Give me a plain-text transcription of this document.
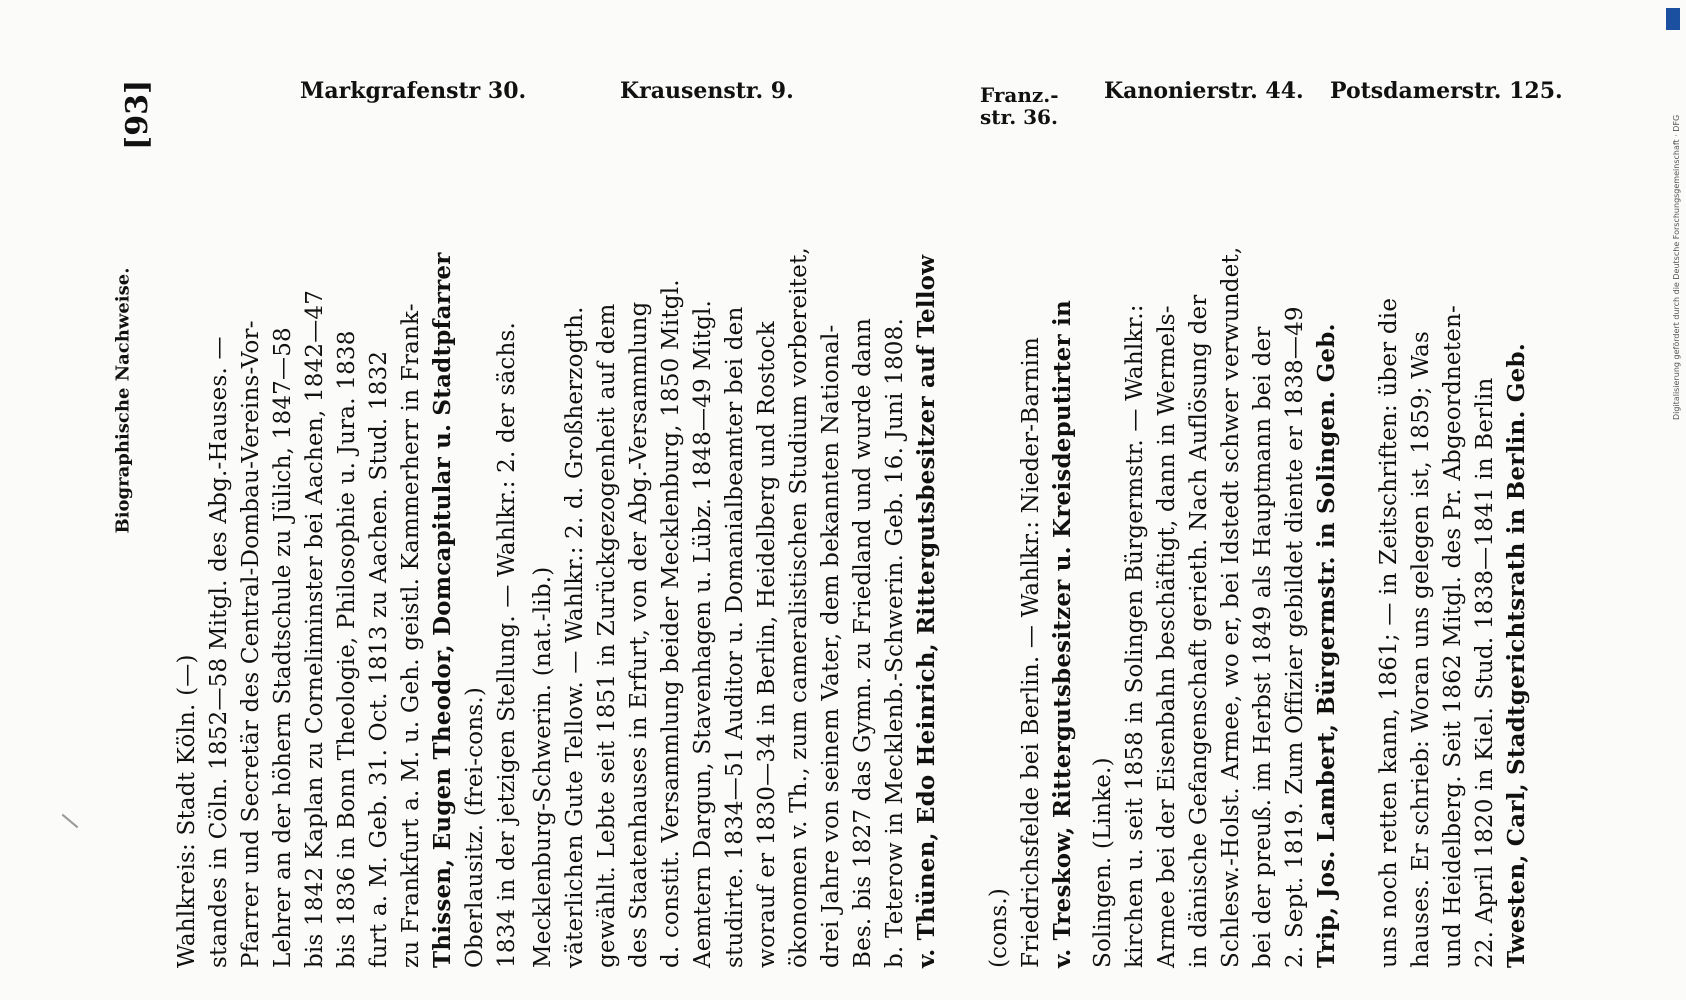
[93]
Biographische Nachweise.	Digitalisierung gefördert durch die Deutsche Forschungsgemeinschaft · DFG
Markgrafenstr 30.	Krausenstr. 9.	Franz.-
str. 36.

Kanonierstr. 44. Potsdamerstr. 125.
1834 in der jetzigen Stellung. — Wahlkr.: 2. der sächs.
Oberlausitz. (frei-cons.)
Thissen, Eugen Theodor, Domcapitular u. Stadtpfarrer
zu Frankfurt a. M. u. Geh. geistl. Kammerherr in Frank-
furt a. M. Geb. 31. Oct. 1813 zu Aachen. Stud. 1832
bis 1836 in Bonn Theologie, Philosophie u. Jura. 1838
bis 1842 Kaplan zu Corneliminster bei Aachen, 1842—47
Lehrer an der höhern Stadtschule zu Jülich, 1847—58
Pfarrer und Secretär des Central-Dombau-Vereins-Vor-
standes in Cöln. 1852—58 Mitgl. des Abg.-Hauses. —
Wahlkreis: Stadt Köln. (—)	v. Thünen, Edo Heinrich, Rittergutsbesitzer auf Tellow
b. Teterow in Mecklenb.-Schwerin. Geb. 16. Juni 1808.
Bes. bis 1827 das Gymn. zu Friedland und wurde dann
drei Jahre von seinem Vater, dem bekannten National-
ökonomen v. Th., zum cameralistischen Studium vorbereitet,
worauf er 1830—34 in Berlin, Heidelberg und Rostock
studirte. 1834—51 Auditor u. Domanialbeamter bei den
Aemtern Dargun, Stavenhagen u. Lübz. 1848—49 Mitgl.
d. constit. Versammlung beider Mecklenburg, 1850 Mitgl.
des Staatenhauses in Erfurt, von der Abg.-Versammlung
gewählt. Lebte seit 1851 in Zurückgezogenheit auf dem
väterlichen Gute Tellow. — Wahlkr.: 2. d. Großherzogth.
Mecklenburg-Schwerin. (nat.-lib.)	v. Treskow, Rittergutsbesitzer u. Kreisdeputirter in
Friedrichsfelde bei Berlin. — Wahlkr.: Nieder-Barnim
(cons.)	Trip, Jos. Lambert, Bürgermstr. in Solingen. Geb.
2. Sept. 1819. Zum Offizier gebildet diente er 1838—49
bei der preuß. im Herbst 1849 als Hauptmann bei der
Schlesw.-Holst. Armee, wo er, bei Idstedt schwer verwundet,
in dänische Gefangenschaft gerieth. Nach Auflösung der
Armee bei der Eisenbahn beschäftigt, dann in Wermels-
kirchen u. seit 1858 in Solingen Bürgermstr. — Wahlkr.:
Solingen. (Linke.)	Twesten, Carl, Stadtgerichtsrath in Berlin. Geb.
22. April 1820 in Kiel. Stud. 1838—1841 in Berlin
und Heidelberg. Seit 1862 Mitgl. des Pr. Abgeordneten-
hauses. Er schrieb: Woran uns gelegen ist, 1859; Was
uns noch retten kann, 1861; — in Zeitschriften: über die
